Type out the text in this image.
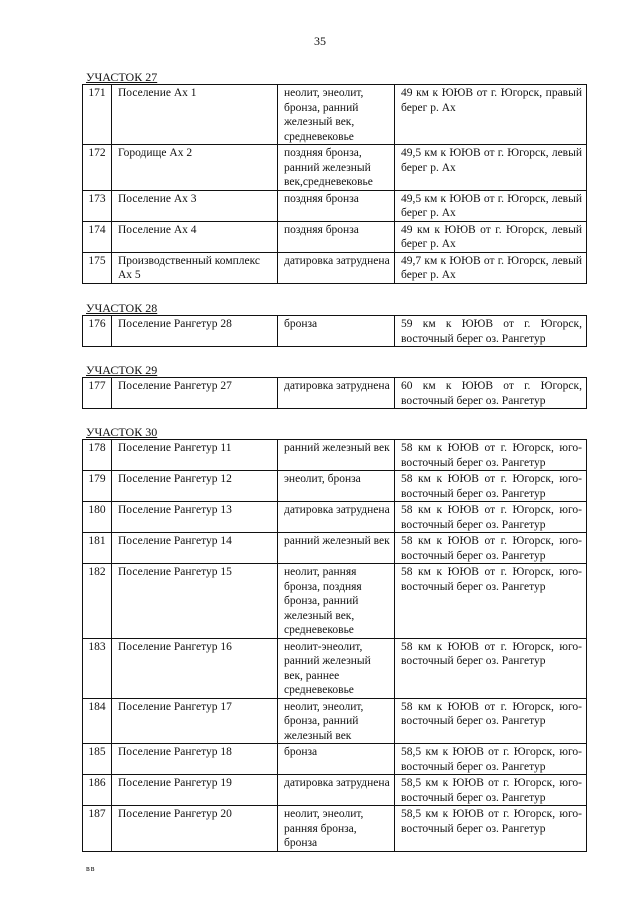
35
УЧАСТОК 27
171	Поселение Ах 1	неолит, энеолит, бронза, ранний железный век, средневековье	49 км к ЮЮВ от г. Югорск, правый берег р. Ах
172	Городище Ах 2	поздняя бронза, ранний железный век,средневековье	49,5 км к ЮЮВ от г. Югорск, левый берег р. Ах
173	Поселение Ах 3	поздняя бронза	49,5 км к ЮЮВ от г. Югорск, левый берег р. Ах
174	Поселение Ах 4	поздняя бронза	49 км к ЮЮВ от г. Югорск, левый берег р. Ах
175	Производственный комплекс Ах 5	датировка затруднена	49,7 км к ЮЮВ от г. Югорск, левый берег р. Ах
УЧАСТОК 28
176	Поселение Рангетур 28	бронза	59 км к ЮЮВ от г. Югорск, восточный берег оз. Рангетур
УЧАСТОК 29
177	Поселение Рангетур 27	датировка затруднена	60 км к ЮЮВ от г. Югорск, восточный берег оз. Рангетур
УЧАСТОК 30
178	Поселение Рангетур 11	ранний железный век	58 км к ЮЮВ от г. Югорск, юго-восточный берег оз. Рангетур
179	Поселение Рангетур 12	энеолит, бронза	58 км к ЮЮВ от г. Югорск, юго-восточный берег оз. Рангетур
180	Поселение Рангетур 13	датировка затруднена	58 км к ЮЮВ от г. Югорск, юго-восточный берег оз. Рангетур
181	Поселение Рангетур 14	ранний железный век	58 км к ЮЮВ от г. Югорск, юго-восточный берег оз. Рангетур
182	Поселение Рангетур 15	неолит, ранняя бронза, поздняя бронза, ранний железный век, средневековье	58 км к ЮЮВ от г. Югорск, юго-восточный берег оз. Рангетур
183	Поселение Рангетур 16	неолит-энеолит, ранний железный век, раннее средневековье	58 км к ЮЮВ от г. Югорск, юго-восточный берег оз. Рангетур
184	Поселение Рангетур 17	неолит, энеолит, бронза, ранний железный век	58 км к ЮЮВ от г. Югорск, юго-восточный берег оз. Рангетур
185	Поселение Рангетур 18	бронза	58,5 км к ЮЮВ от г. Югорск, юго-восточный берег оз. Рангетур
186	Поселение Рангетур 19	датировка затруднена	58,5 км к ЮЮВ от г. Югорск, юго-восточный берег оз. Рангетур
187	Поселение Рангетур 20	неолит, энеолит, ранняя бронза, бронза	58,5 км к ЮЮВ от г. Югорск, юго-восточный берег оз. Рангетур
вв
